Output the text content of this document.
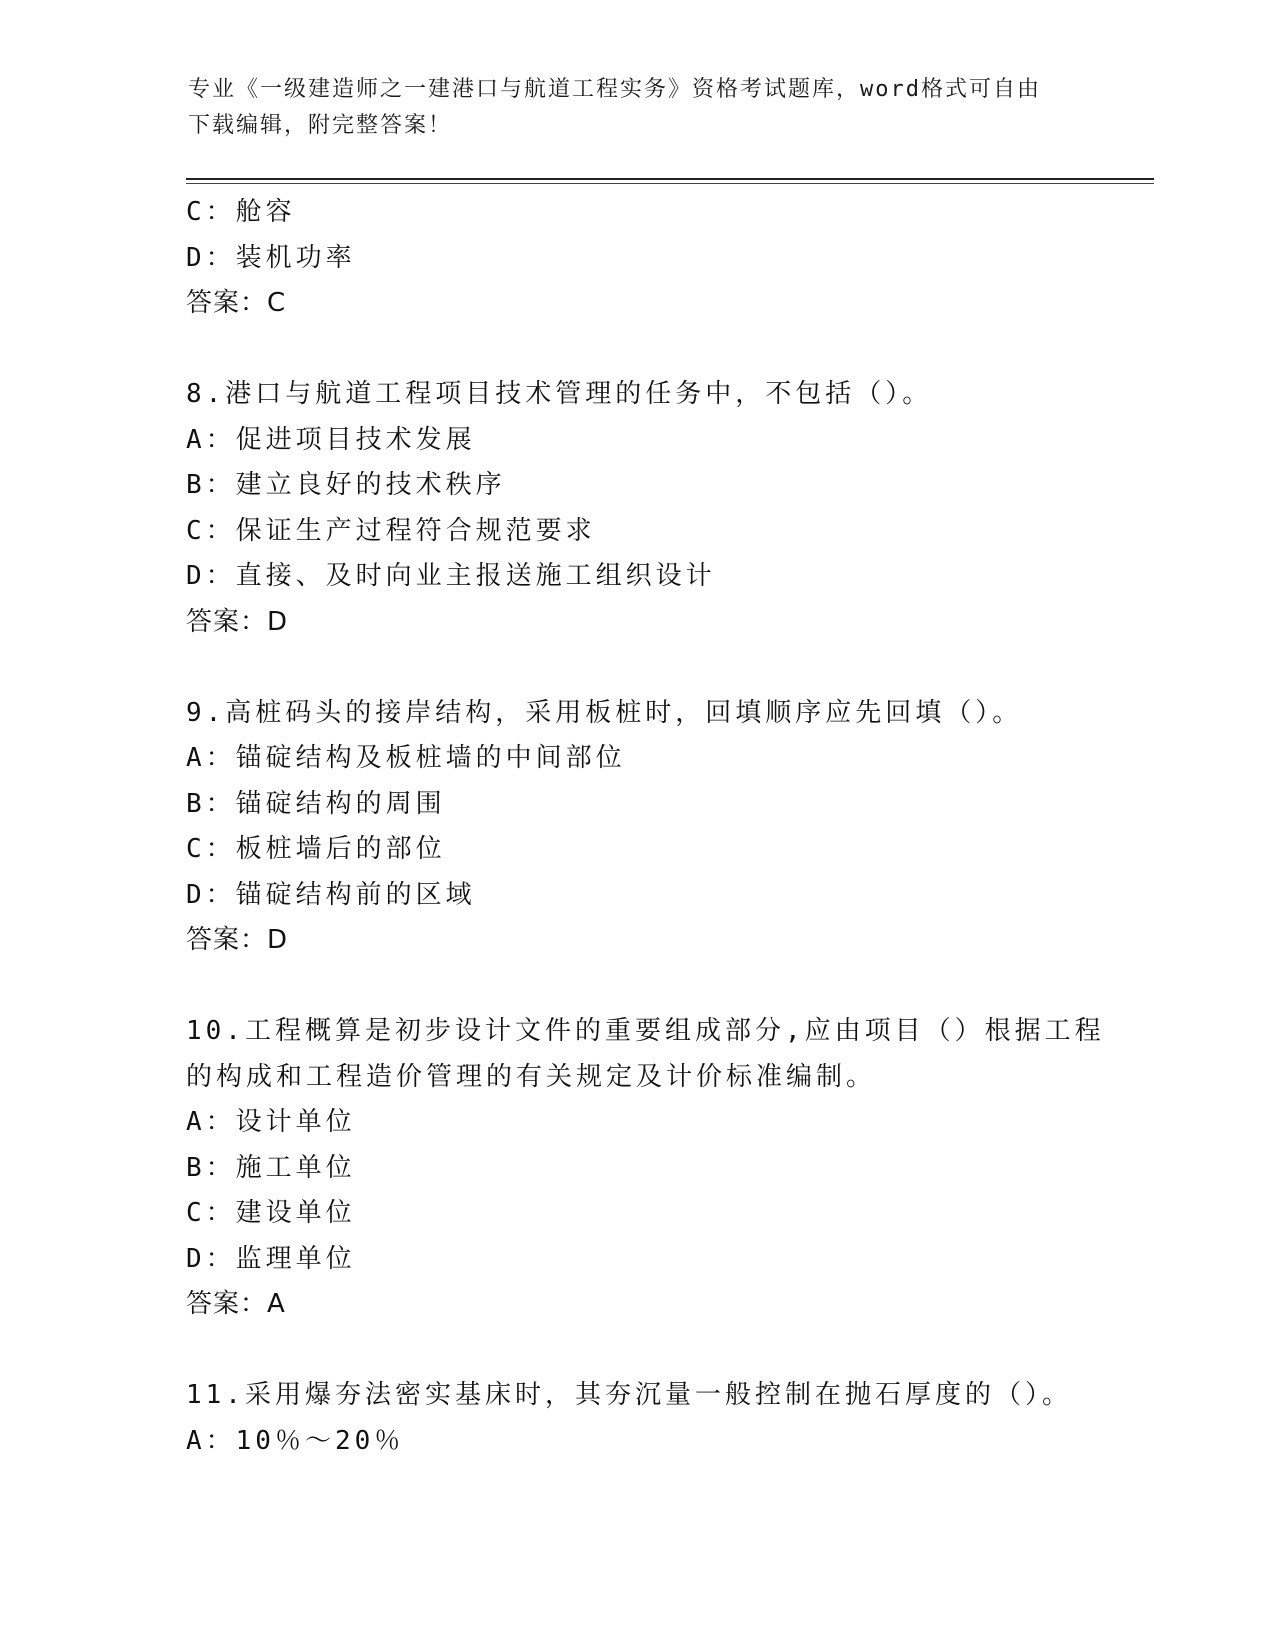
专业《一级建造师之一建港口与航道工程实务》资格考试题库，word格式可自由
下载编辑，附完整答案！
C：舱容
D：装机功率
答案：C
8.港口与航道工程项目技术管理的任务中，不包括（）。
A：促进项目技术发展
B：建立良好的技术秩序
C：保证生产过程符合规范要求
D：直接、及时向业主报送施工组织设计
答案：D
9.高桩码头的接岸结构，采用板桩时，回填顺序应先回填（）。
A：锚碇结构及板桩墙的中间部位
B：锚碇结构的周围
C：板桩墙后的部位
D：锚碇结构前的区域
答案：D
10.工程概算是初步设计文件的重要组成部分,应由项目（）根据工程
的构成和工程造价管理的有关规定及计价标准编制。
A：设计单位
B：施工单位
C：建设单位
D：监理单位
答案：A
11.采用爆夯法密实基床时，其夯沉量一般控制在抛石厚度的（）。
A：10％～20％
